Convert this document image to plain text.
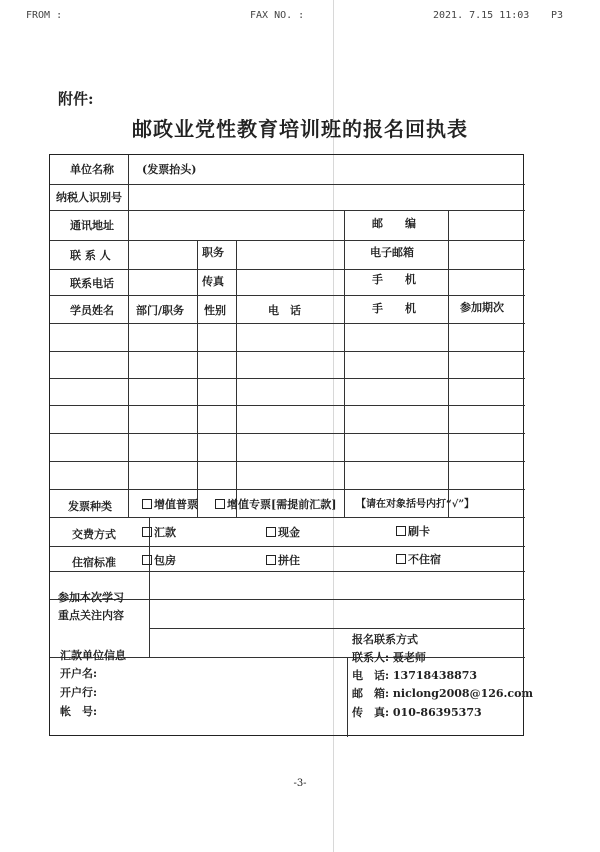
FROM :	FAX NO. :	2021. 7.15 11:03 P3
附件:
邮政业党性教育培训班的报名回执表
单位名称	(发票抬头)
纳税人识别号
通讯地址	邮　　编
联 系 人	职务	电子邮箱
联系电话	传真	手　　机
学员姓名 部门/职务 性别	电　话	手　　机	参加期次
发票种类	增值普票	增值专票[需提前汇款] 【请在对象括号内打“√”】
交费方式	汇款	现金	刷卡
住宿标准	包房	拼住	不住宿
参加本次学习
重点关注内容
汇款单位信息
开户名:
开户行:
帐　号:
报名联系方式
联系人: 聂老师
电　话: 13718438873
邮　箱: niclong2008@126.com
传　真: 010-86395373
-3-
